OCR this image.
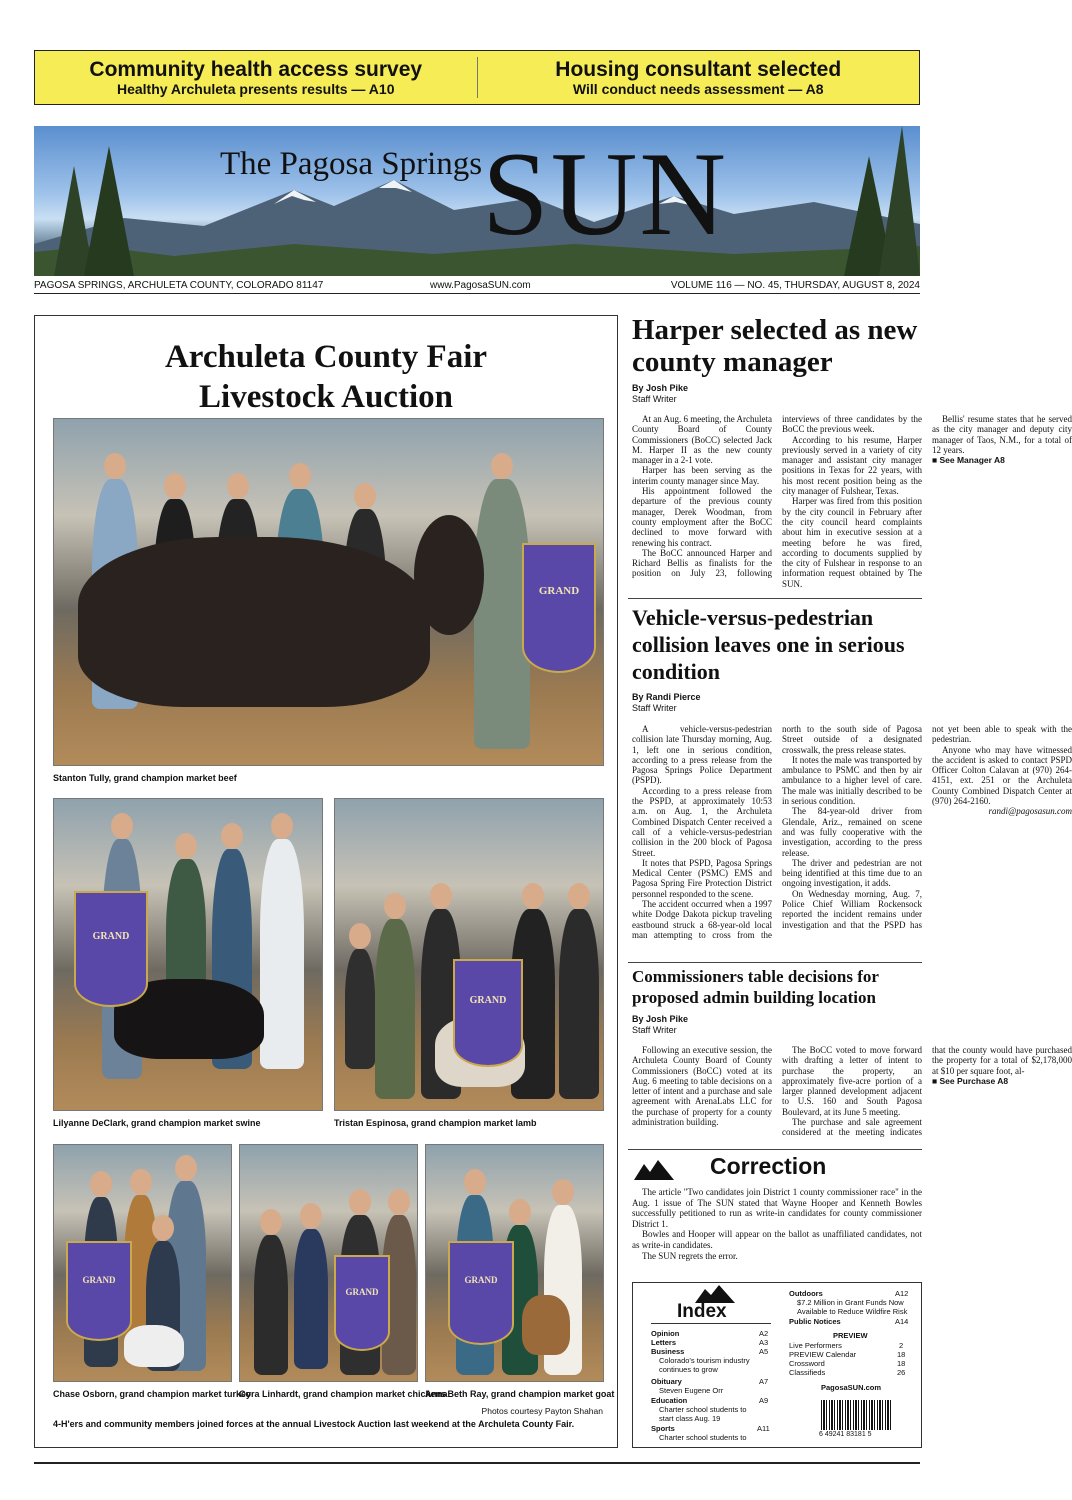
Community health access survey
Healthy Archuleta presents results — A10
Housing consultant selected
Will conduct needs assessment — A8
The Pagosa Springs SUN
PAGOSA SPRINGS, ARCHULETA COUNTY, COLORADO 81147	www.PagosaSUN.com	VOLUME 116 — NO. 45, THURSDAY, AUGUST 8, 2024
Archuleta County Fair
Livestock Auction
GRAND
Stanton Tully, grand champion market beef
GRAND
Lilyanne DeClark, grand champion market swine
GRAND
Tristan Espinosa, grand champion market lamb
GRAND
Chase Osborn, grand champion market turkey
GRAND
Cora Linhardt, grand champion market chickens
GRAND
AnnaBeth Ray, grand champion market goat
Photos courtesy Payton Shahan
4-H'ers and community members joined forces at the annual Livestock Auction last weekend at the Archuleta County Fair.
Harper selected as new county manager
By Josh Pike
Staff Writer

At an Aug. 6 meeting, the Archuleta County Board of County Commissioners (BoCC) selected Jack M. Harper II as the new county manager in a 2-1 vote.

Harper has been serving as the interim county manager since May.

His appointment followed the departure of the previous county manager, Derek Woodman, from county employment after the BoCC declined to move forward with renewing his contract.

The BoCC announced Harper and Richard Bellis as finalists for the position on July 23, following interviews of three candidates by the BoCC the previous week.

According to his resume, Harper previously served in a variety of city manager and assistant city manager positions in Texas for 22 years, with his most recent position being as the city manager of Fulshear, Texas.

Harper was fired from this position by the city council in February after the city council heard complaints about him in executive session at a meeting before he was fired, according to documents supplied by the city of Fulshear in response to an information request obtained by The SUN.

Bellis' resume states that he served as the city manager and deputy city manager of Taos, N.M., for a total of 12 years.

■ See Manager A8

Vehicle-versus-pedestrian collision leaves one in serious condition
By Randi Pierce
Staff Writer

A vehicle-versus-pedestrian collision late Thursday morning, Aug. 1, left one in serious condition, according to a press release from the Pagosa Springs Police Department (PSPD).

According to a press release from the PSPD, at approximately 10:53 a.m. on Aug. 1, the Archuleta Combined Dispatch Center received a call of a vehicle-versus-pedestrian collision in the 200 block of Pagosa Street.

It notes that PSPD, Pagosa Springs Medical Center (PSMC) EMS and Pagosa Spring Fire Protection District personnel responded to the scene.

The accident occurred when a 1997 white Dodge Dakota pickup traveling eastbound struck a 68-year-old local man attempting to cross from the north to the south side of Pagosa Street outside of a designated crosswalk, the press release states.

It notes the male was transported by ambulance to PSMC and then by air ambulance to a higher level of care. The male was initially described to be in serious condition.

The 84-year-old driver from Glendale, Ariz., remained on scene and was fully cooperative with the investigation, according to the press release.

The driver and pedestrian are not being identified at this time due to an ongoing investigation, it adds.

On Wednesday morning, Aug. 7, Police Chief William Rockensock reported the incident remains under investigation and that the PSPD has not yet been able to speak with the pedestrian.

Anyone who may have witnessed the accident is asked to contact PSPD Officer Colton Calavan at (970) 264-4151, ext. 251 or the Archuleta County Combined Dispatch Center at (970) 264-2160.

randi@pagosasun.com

Commissioners table decisions for proposed admin building location
By Josh Pike
Staff Writer

Following an executive session, the Archuleta County Board of County Commissioners (BoCC) voted at its Aug. 6 meeting to table decisions on a letter of intent and a purchase and sale agreement with ArenaLabs LLC for the purchase of property for a county administration building.

The BoCC voted to move forward with drafting a letter of intent to purchase the property, an approximately five-acre portion of a larger planned development adjacent to U.S. 160 and South Pagosa Boulevard, at its June 5 meeting.

The purchase and sale agreement considered at the meeting indicates that the county would have purchased the property for a total of $2,178,000 at $10 per square foot, al-

■ See Purchase A8

Correction

The article "Two candidates join District 1 county commissioner race" in the Aug. 1 issue of The SUN stated that Wayne Hooper and Kenneth Bowles successfully petitioned to run as write-in candidates for county commissioner District 1.

Bowles and Hooper will appear on the ballot as unaffiliated candidates, not as write-in candidates.

The SUN regrets the error.

Index
Opinion	A2
Letters	A3
Business	A5
Colorado's tourism industry
continues to grow
Obituary	A7
Steven Eugene Orr
Education	A9
Charter school students to
start class Aug. 19
Sports	A11
Charter school students to
Outdoors	A12
$7.2 Million in Grant Funds Now
Available to Reduce Wildfire Risk
Public Notices	A14
PREVIEW
Live Performers	2
PREVIEW Calendar	18
Crossword	18
Classifieds	26
PagosaSUN.com
6 49241 83181 5
